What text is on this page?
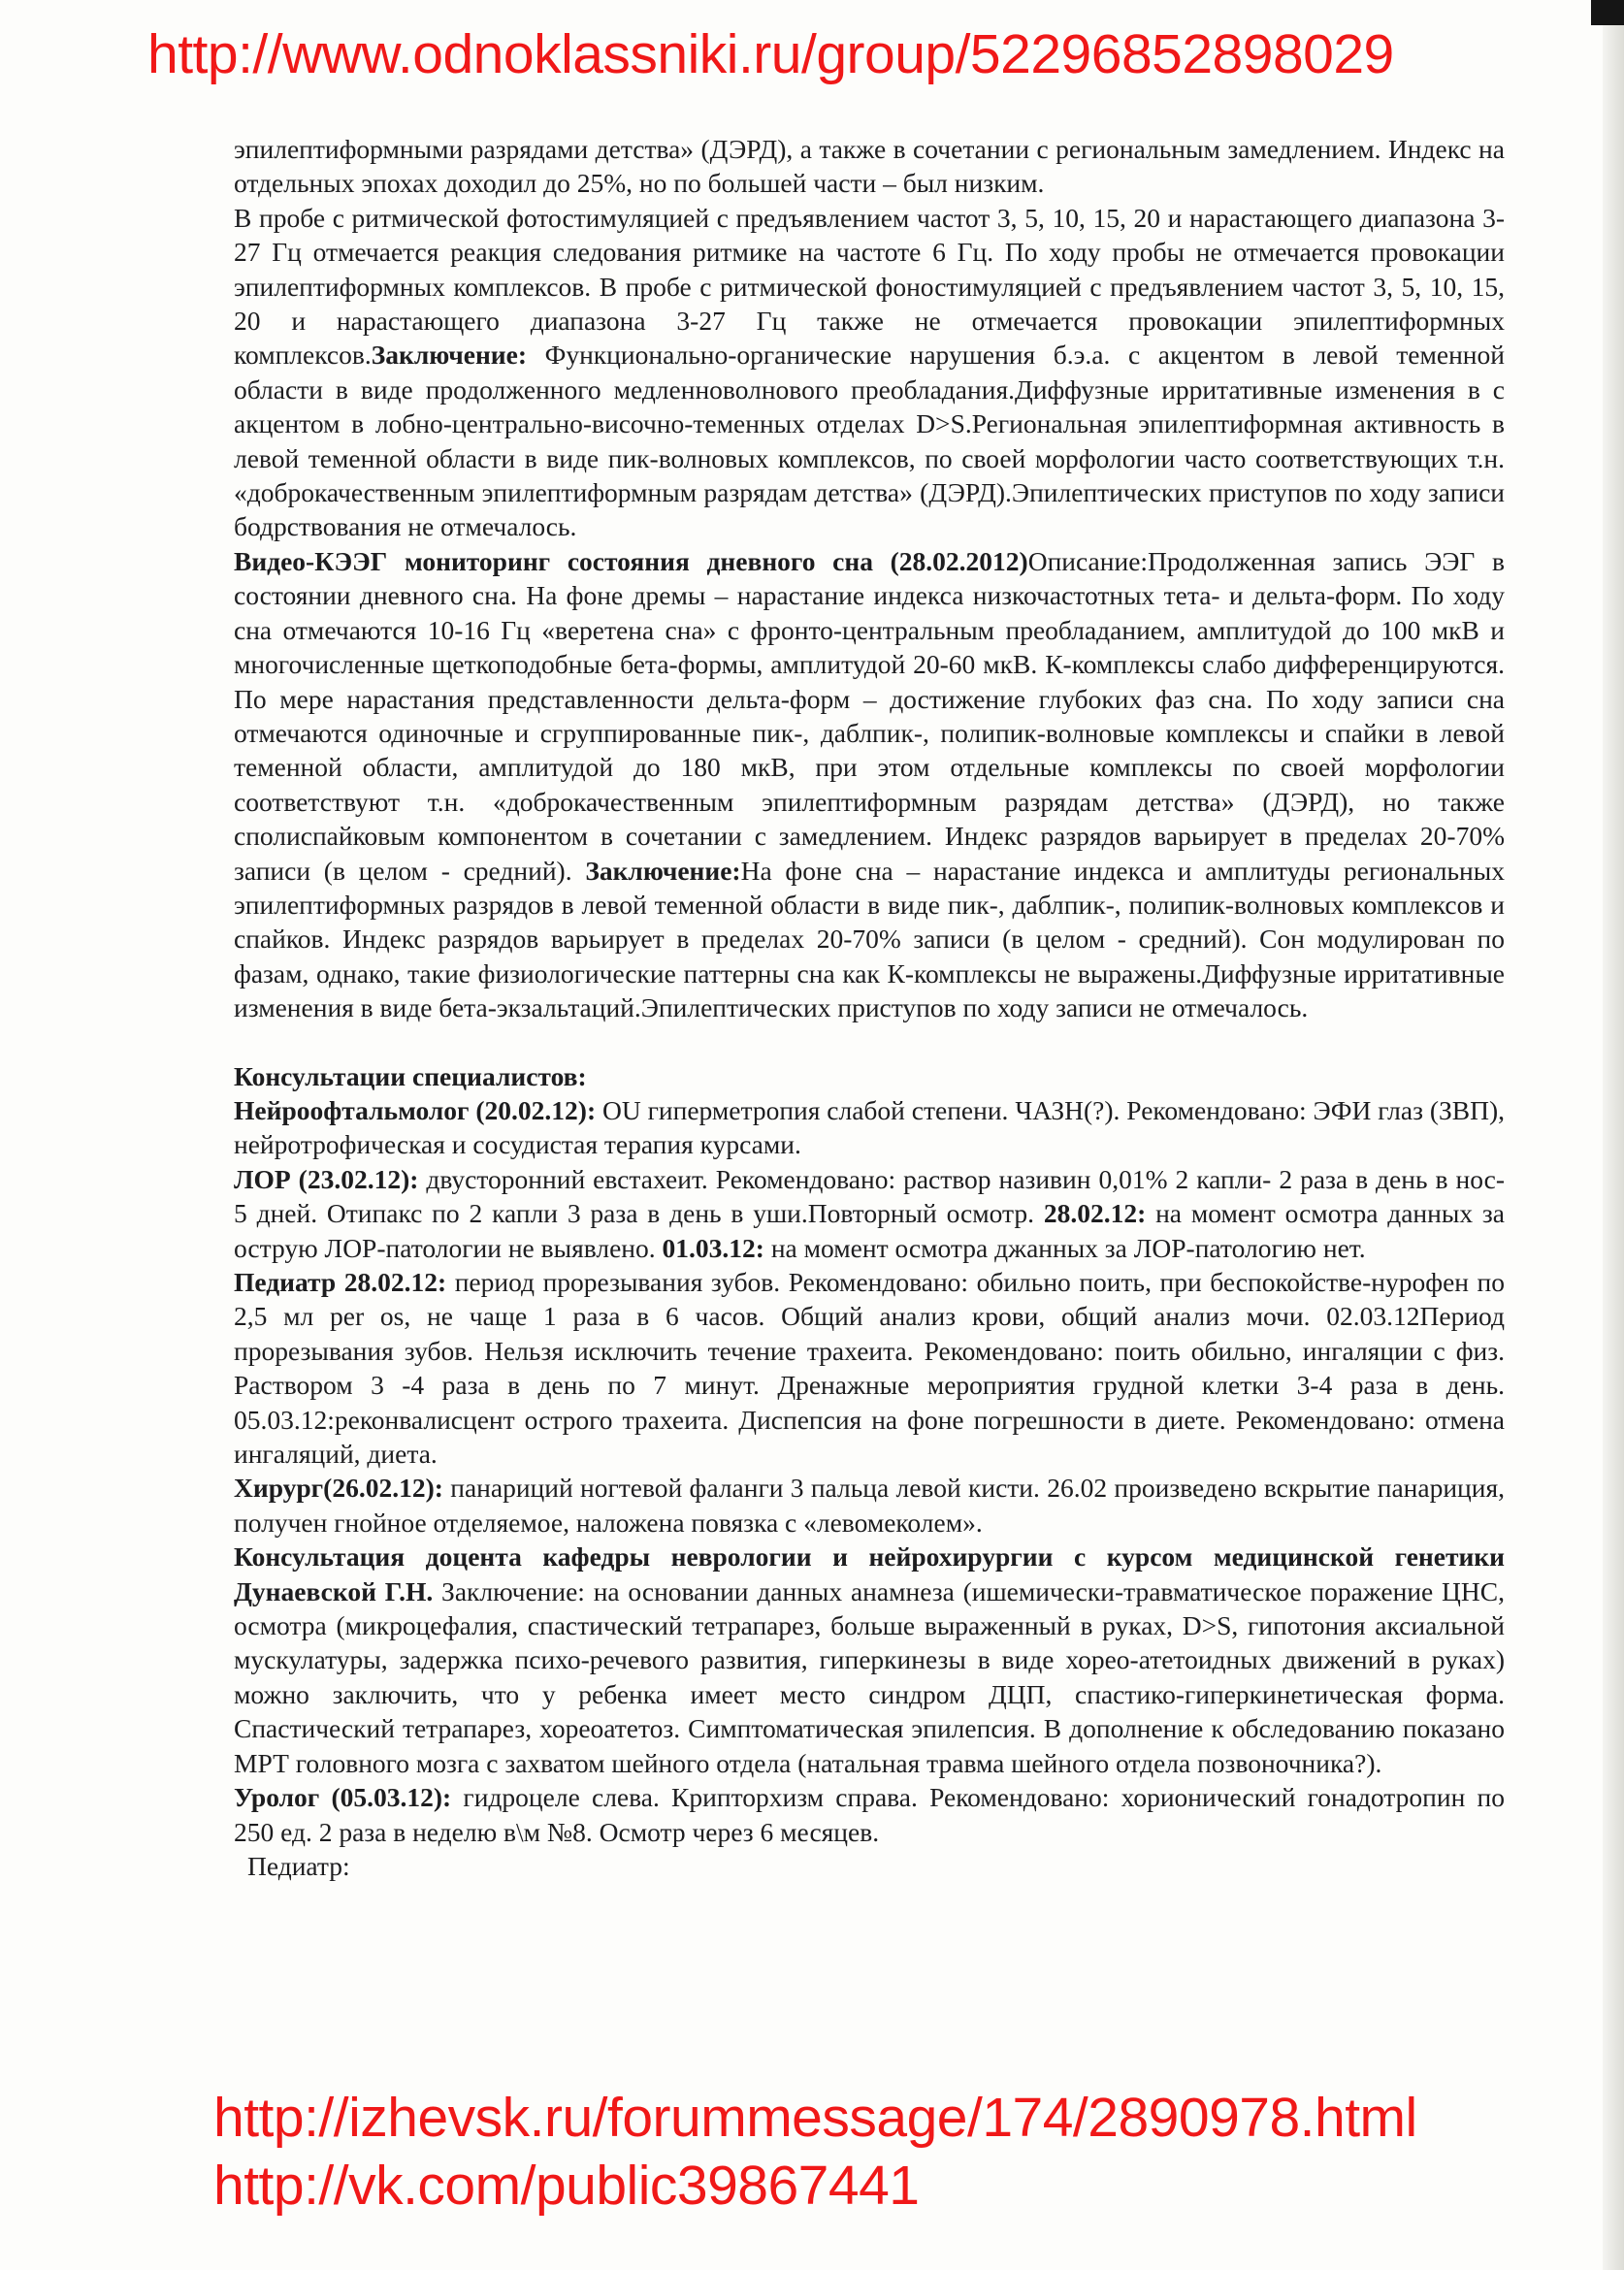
http://www.odnoklassniki.ru/group/52296852898029

эпилептиформными разрядами детства» (ДЭРД), а также в сочетании с региональным замедлением. Индекс на отдельных эпохах доходил до 25%, но по большей части – был низким.

В пробе с ритмической фотостимуляцией с предъявлением частот 3, 5, 10, 15, 20 и нарастающего диапазона 3-27 Гц отмечается реакция следования ритмике на частоте 6 Гц. По ходу пробы не отмечается провокации эпилептиформных комплексов. В пробе с ритмической фоностимуляцией с предъявлением частот 3, 5, 10, 15, 20 и нарастающего диапазона 3-27 Гц также не отмечается провокации эпилептиформных комплексов.Заключение: Функционально-органические нарушения б.э.а. с акцентом в левой теменной области в виде продолженного медленноволнового преобладания.Диффузные ирритативные изменения в с акцентом в лобно-центрально-височно-теменных отделах D>S.Региональная эпилептиформная активность в левой теменной области в виде пик-волновых комплексов, по своей морфологии часто соответствующих т.н. «доброкачественным эпилептиформным разрядам детства» (ДЭРД).Эпилептических приступов по ходу записи бодрствования не отмечалось.

Видео-КЭЭГ мониторинг состояния дневного сна (28.02.2012)Описание:Продолженная запись ЭЭГ в состоянии дневного сна. На фоне дремы – нарастание индекса низкочастотных тета- и дельта-форм. По ходу сна отмечаются 10-16 Гц «веретена сна» с фронто-центральным преобладанием, амплитудой до 100 мкВ и многочисленные щеткоподобные бета-формы, амплитудой 20-60 мкВ. К-комплексы слабо дифференцируются. По мере нарастания представленности дельта-форм – достижение глубоких фаз сна. По ходу записи сна отмечаются одиночные и сгруппированные пик-, даблпик-, полипик-волновые комплексы и спайки в левой теменной области, амплитудой до 180 мкВ, при этом отдельные комплексы по своей морфологии соответствуют т.н. «доброкачественным эпилептиформным разрядам детства» (ДЭРД), но также сполиспайковым компонентом в сочетании с замедлением. Индекс разрядов варьирует в пределах 20-70% записи (в целом - средний). Заключение:На фоне сна – нарастание индекса и амплитуды региональных эпилептиформных разрядов в левой теменной области в виде пик-, даблпик-, полипик-волновых комплексов и спайков. Индекс разрядов варьирует в пределах 20-70% записи (в целом - средний). Сон модулирован по фазам, однако, такие физиологические паттерны сна как К-комплексы не выражены.Диффузные ирритативные изменения в виде бета-экзальтаций.Эпилептических приступов по ходу записи не отмечалось.

Консультации специалистов:

Нейроофтальмолог (20.02.12): OU гиперметропия слабой степени. ЧАЗН(?). Рекомендовано: ЭФИ глаз (ЗВП), нейротрофическая и сосудистая терапия курсами.

ЛОР (23.02.12): двусторонний евстахеит. Рекомендовано: раствор називин 0,01% 2 капли- 2 раза в день в нос- 5 дней. Отипакс по 2 капли 3 раза в день в уши.Повторный осмотр. 28.02.12: на момент осмотра данных за острую ЛОР-патологии не выявлено. 01.03.12: на момент осмотра джанных за ЛОР-патологию нет.

Педиатр 28.02.12: период прорезывания зубов. Рекомендовано: обильно поить, при беспокойстве-нурофен по 2,5 мл per os, не чаще 1 раза в 6 часов. Общий анализ крови, общий анализ мочи. 02.03.12Период прорезывания зубов. Нельзя исключить течение трахеита. Рекомендовано: поить обильно, ингаляции с физ. Раствором 3 -4 раза в день по 7 минут. Дренажные мероприятия грудной клетки 3-4 раза в день. 05.03.12:реконвалисцент острого трахеита. Диспепсия на фоне погрешности в диете. Рекомендовано: отмена ингаляций, диета.

Хирург(26.02.12): панариций ногтевой фаланги 3 пальца левой кисти. 26.02 произведено вскрытие панариция, получен гнойное отделяемое, наложена повязка с «левомеколем».

Консультация доцента кафедры неврологии и нейрохирургии с курсом медицинской генетики Дунаевской Г.Н. Заключение: на основании данных анамнеза (ишемически-травматическое поражение ЦНС, осмотра (микроцефалия, спастический тетрапарез, больше выраженный в руках, D>S, гипотония аксиальной мускулатуры, задержка психо-речевого развития, гиперкинезы в виде хорео-атетоидных движений в руках) можно заключить, что у ребенка имеет место синдром ДЦП, спастико-гиперкинетическая форма. Спастический тетрапарез, хореоатетоз. Симптоматическая эпилепсия. В дополнение к обследованию показано МРТ головного мозга с захватом шейного отдела (натальная травма шейного отдела позвоночника?).

Уролог (05.03.12): гидроцеле слева. Крипторхизм справа. Рекомендовано: хорионический гонадотропин по 250 ед. 2 раза в неделю в\м №8. Осмотр через 6 месяцев.

Педиатр:

http://izhevsk.ru/forummessage/174/2890978.html
http://vk.com/public39867441
